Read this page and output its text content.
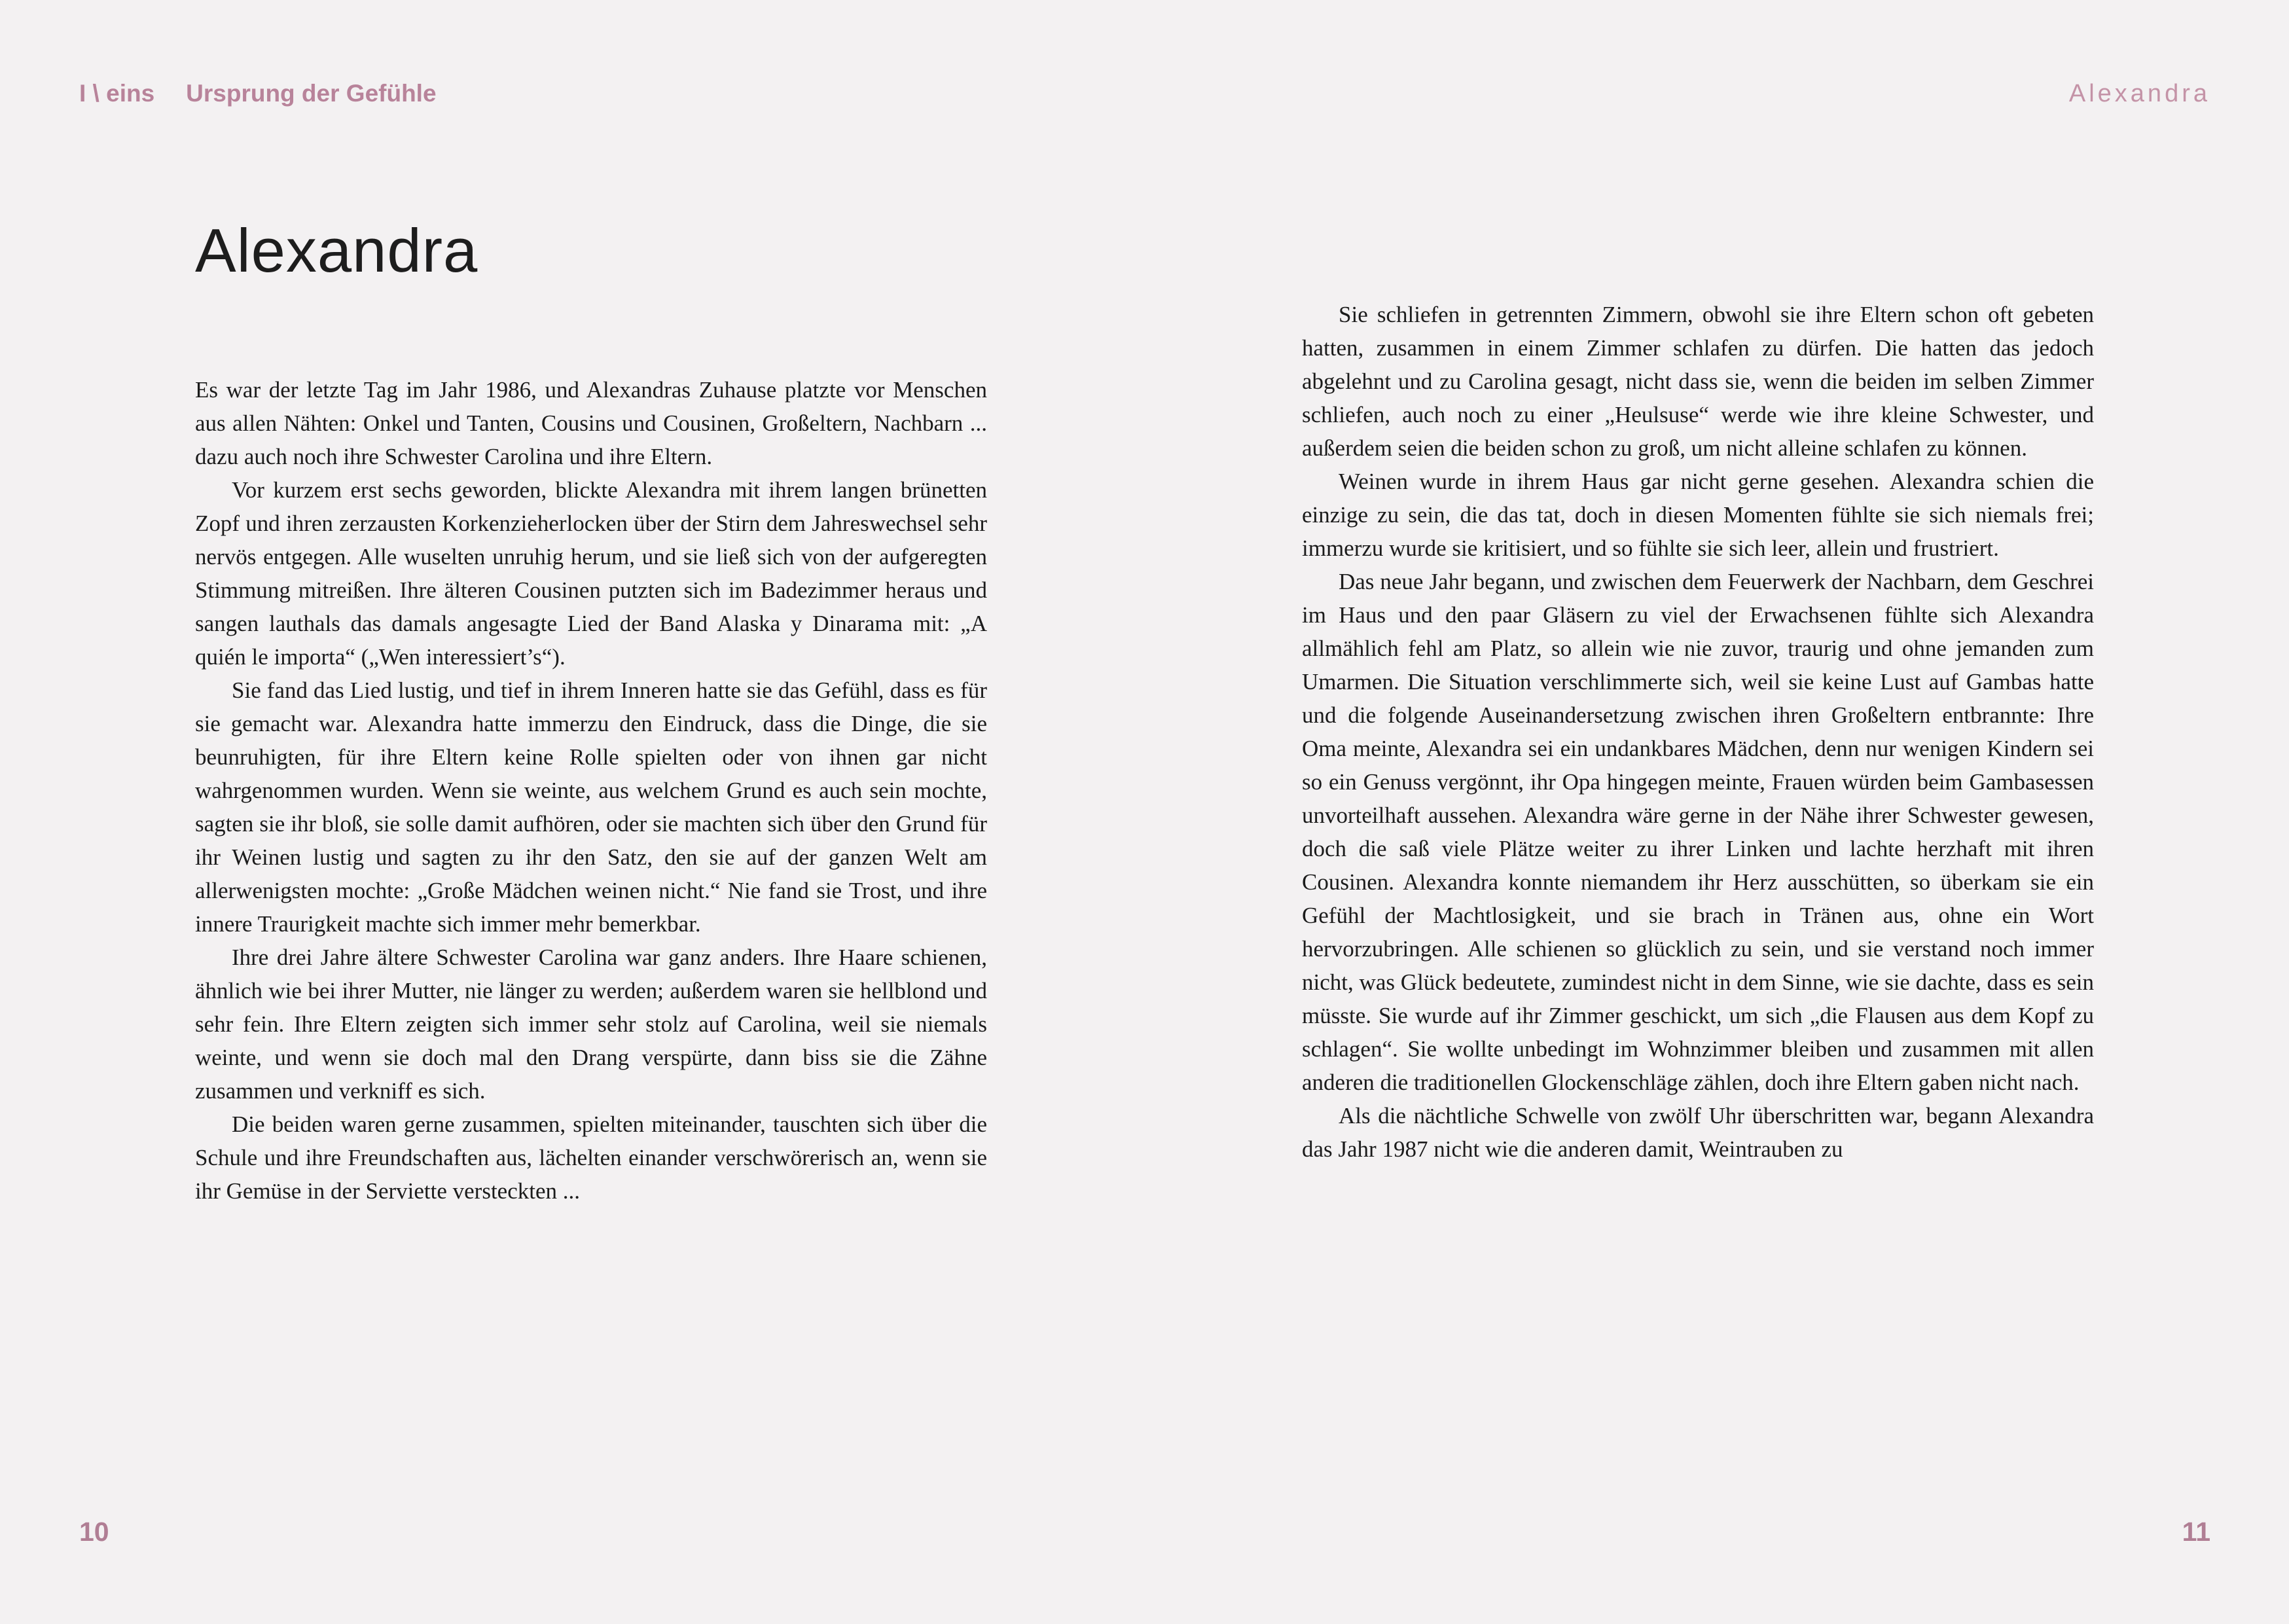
I \ eins Ursprung der Gefühle
Alexandra

Es war der letzte Tag im Jahr 1986, und Alexandras Zuhause platzte vor Menschen aus allen Nähten: Onkel und Tanten, Cousins und Cousinen, Großeltern, Nachbarn ... dazu auch noch ihre Schwester Carolina und ihre Eltern.

Vor kurzem erst sechs geworden, blickte Alexandra mit ihrem langen brünetten Zopf und ihren zerzausten Korkenzieherlocken über der Stirn dem Jahreswechsel sehr nervös entgegen. Alle wuselten unruhig herum, und sie ließ sich von der aufgeregten Stimmung mitreißen. Ihre älteren Cousinen putzten sich im Badezimmer heraus und sangen lauthals das damals angesagte Lied der Band Alaska y Dinarama mit: „A quién le importa“ („Wen interessiert’s“).

Sie fand das Lied lustig, und tief in ihrem Inneren hatte sie das Gefühl, dass es für sie gemacht war. Alexandra hatte immerzu den Eindruck, dass die Dinge, die sie beunruhigten, für ihre Eltern keine Rolle spielten oder von ihnen gar nicht wahrgenommen wurden. Wenn sie weinte, aus welchem Grund es auch sein mochte, sagten sie ihr bloß, sie solle damit aufhören, oder sie machten sich über den Grund für ihr Weinen lustig und sagten zu ihr den Satz, den sie auf der ganzen Welt am allerwenigsten mochte: „Große Mädchen weinen nicht.“ Nie fand sie Trost, und ihre innere Traurigkeit machte sich immer mehr bemerkbar.

Ihre drei Jahre ältere Schwester Carolina war ganz anders. Ihre Haare schienen, ähnlich wie bei ihrer Mutter, nie länger zu werden; außerdem waren sie hellblond und sehr fein. Ihre Eltern zeigten sich immer sehr stolz auf Carolina, weil sie niemals weinte, und wenn sie doch mal den Drang verspürte, dann biss sie die Zähne zusammen und verkniff es sich.

Die beiden waren gerne zusammen, spielten miteinander, tauschten sich über die Schule und ihre Freundschaften aus, lächelten einander verschwörerisch an, wenn sie ihr Gemüse in der Serviette versteckten ...

10
Alexandra

Sie schliefen in getrennten Zimmern, obwohl sie ihre Eltern schon oft gebeten hatten, zusammen in einem Zimmer schlafen zu dürfen. Die hatten das jedoch abgelehnt und zu Carolina gesagt, nicht dass sie, wenn die beiden im selben Zimmer schliefen, auch noch zu einer „Heulsuse“ werde wie ihre kleine Schwester, und außerdem seien die beiden schon zu groß, um nicht alleine schlafen zu können.

Weinen wurde in ihrem Haus gar nicht gerne gesehen. Alexandra schien die einzige zu sein, die das tat, doch in diesen Momenten fühlte sie sich niemals frei; immerzu wurde sie kritisiert, und so fühlte sie sich leer, allein und frustriert.

Das neue Jahr begann, und zwischen dem Feuerwerk der Nachbarn, dem Geschrei im Haus und den paar Gläsern zu viel der Erwachsenen fühlte sich Alexandra allmählich fehl am Platz, so allein wie nie zuvor, traurig und ohne jemanden zum Umarmen. Die Situation verschlimmerte sich, weil sie keine Lust auf Gambas hatte und die folgende Auseinandersetzung zwischen ihren Großeltern entbrannte: Ihre Oma meinte, Alexandra sei ein undankbares Mädchen, denn nur wenigen Kindern sei so ein Genuss vergönnt, ihr Opa hingegen meinte, Frauen würden beim Gambasessen unvorteilhaft aussehen. Alexandra wäre gerne in der Nähe ihrer Schwester gewesen, doch die saß viele Plätze weiter zu ihrer Linken und lachte herzhaft mit ihren Cousinen. Alexandra konnte niemandem ihr Herz ausschütten, so überkam sie ein Gefühl der Machtlosigkeit, und sie brach in Tränen aus, ohne ein Wort hervorzubringen. Alle schienen so glücklich zu sein, und sie verstand noch immer nicht, was Glück bedeutete, zumindest nicht in dem Sinne, wie sie dachte, dass es sein müsste. Sie wurde auf ihr Zimmer geschickt, um sich „die Flausen aus dem Kopf zu schlagen“. Sie wollte unbedingt im Wohnzimmer bleiben und zusammen mit allen anderen die traditionellen Glockenschläge zählen, doch ihre Eltern gaben nicht nach.

Als die nächtliche Schwelle von zwölf Uhr überschritten war, begann Alexandra das Jahr 1987 nicht wie die anderen damit, Weintrauben zu

11
